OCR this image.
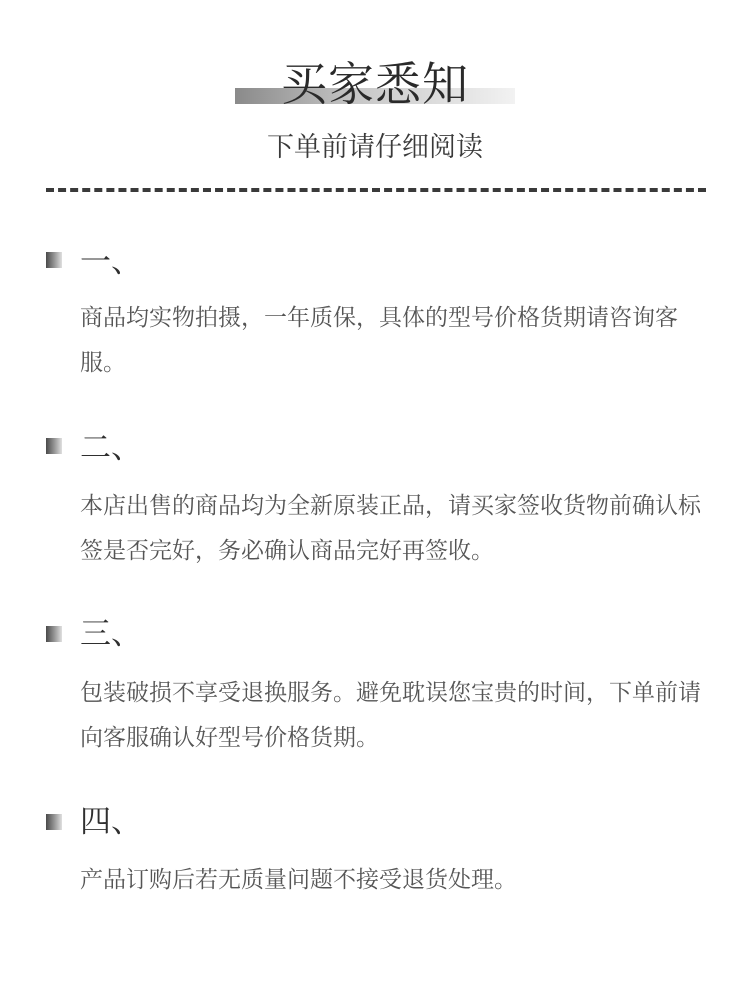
买家悉知
下单前请仔细阅读
一、
商品均实物拍摄，一年质保，具体的型号价格货期请咨询客服。
二、
本店出售的商品均为全新原装正品，请买家签收货物前确认标签是否完好，务必确认商品完好再签收。
三、
包装破损不享受退换服务。避免耽误您宝贵的时间，下单前请向客服确认好型号价格货期。
四、
产品订购后若无质量问题不接受退货处理。
